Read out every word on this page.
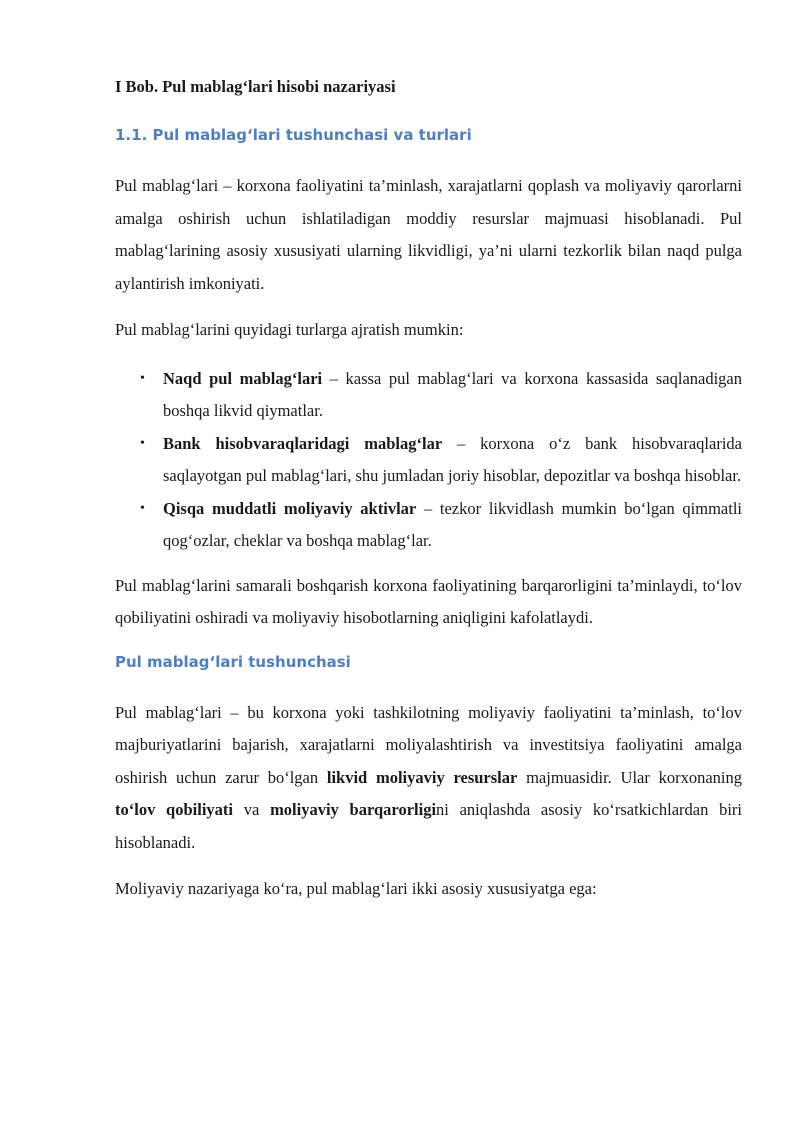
I Bob. Pul mablag‘lari hisobi nazariyasi

1.1. Pul mablag‘lari tushunchasi va turlari

Pul mablag‘lari – korxona faoliyatini ta’minlash, xarajatlarni qoplash va moliyaviy qarorlarni amalga oshirish uchun ishlatiladigan moddiy resurslar majmuasi hisoblanadi. Pul mablag‘larining asosiy xususiyati ularning likvidligi, ya’ni ularni tezkorlik bilan naqd pulga aylantirish imkoniyati.

Pul mablag‘larini quyidagi turlarga ajratish mumkin:

• Naqd pul mablag‘lari – kassa pul mablag‘lari va korxona kassasida saqlanadigan boshqa likvid qiymatlar.
• Bank hisobvaraqlaridagi mablag‘lar – korxona o‘z bank hisobvaraqlarida saqlayotgan pul mablag‘lari, shu jumladan joriy hisoblar, depozitlar va boshqa hisoblar.
• Qisqa muddatli moliyaviy aktivlar – tezkor likvidlash mumkin bo‘lgan qimmatli qog‘ozlar, cheklar va boshqa mablag‘lar.

Pul mablag‘larini samarali boshqarish korxona faoliyatining barqarorligini ta’minlaydi, to‘lov qobiliyatini oshiradi va moliyaviy hisobotlarning aniqligini kafolatlaydi.

Pul mablag‘lari tushunchasi

Pul mablag‘lari – bu korxona yoki tashkilotning moliyaviy faoliyatini ta’minlash, to‘lov majburiyatlarini bajarish, xarajatlarni moliyalashtirish va investitsiya faoliyatini amalga oshirish uchun zarur bo‘lgan likvid moliyaviy resurslar majmuasidir. Ular korxonaning to‘lov qobiliyati va moliyaviy barqarorligini aniqlashda asosiy ko‘rsatkichlardan biri hisoblanadi.

Moliyaviy nazariyaga ko‘ra, pul mablag‘lari ikki asosiy xususiyatga ega:
